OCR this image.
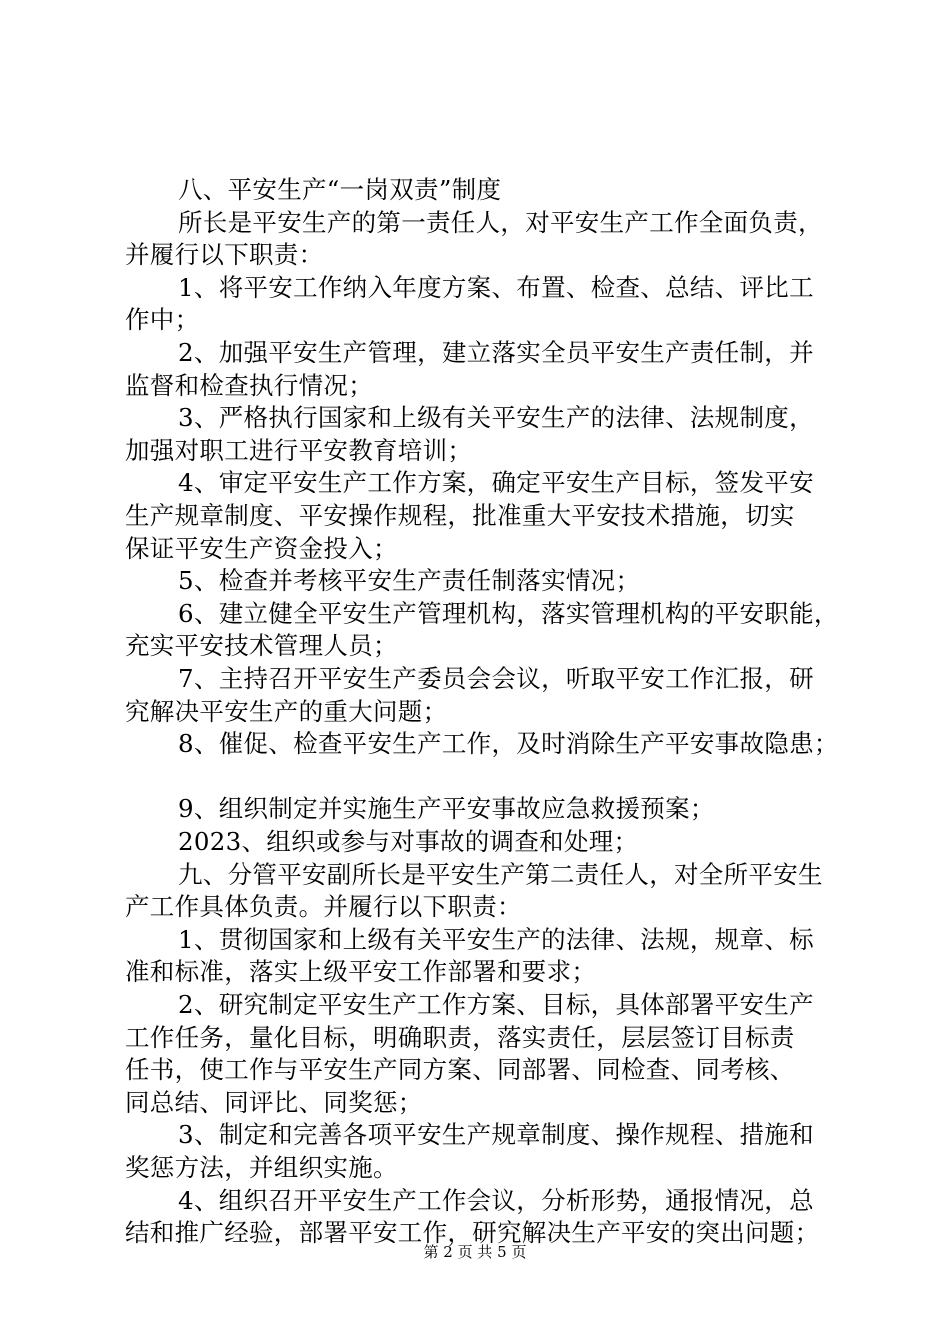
八、平安生产“一岗双责”制度
所长是平安生产的第一责任人，对平安生产工作全面负责，
并履行以下职责：
1、将平安工作纳入年度方案、布置、检查、总结、评比工
作中；
2、加强平安生产管理，建立落实全员平安生产责任制，并
监督和检查执行情况；
3、严格执行国家和上级有关平安生产的法律、法规制度，
加强对职工进行平安教育培训；
4、审定平安生产工作方案，确定平安生产目标，签发平安
生产规章制度、平安操作规程，批准重大平安技术措施，切实
保证平安生产资金投入；
5、检查并考核平安生产责任制落实情况；
6、建立健全平安生产管理机构，落实管理机构的平安职能，
充实平安技术管理人员；
7、主持召开平安生产委员会会议，听取平安工作汇报，研
究解决平安生产的重大问题；
8、催促、检查平安生产工作，及时消除生产平安事故隐患；
9、组织制定并实施生产平安事故应急救援预案；
2023、组织或参与对事故的调查和处理；
九、分管平安副所长是平安生产第二责任人，对全所平安生
产工作具体负责。并履行以下职责：
1、贯彻国家和上级有关平安生产的法律、法规，规章、标
准和标准，落实上级平安工作部署和要求；
2、研究制定平安生产工作方案、目标，具体部署平安生产
工作任务，量化目标，明确职责，落实责任，层层签订目标责
任书，使工作与平安生产同方案、同部署、同检查、同考核、
同总结、同评比、同奖惩；
3、制定和完善各项平安生产规章制度、操作规程、措施和
奖惩方法，并组织实施。
4、组织召开平安生产工作会议，分析形势，通报情况，总
结和推广经验，部署平安工作，研究解决生产平安的突出问题；
第 2 页 共 5 页
